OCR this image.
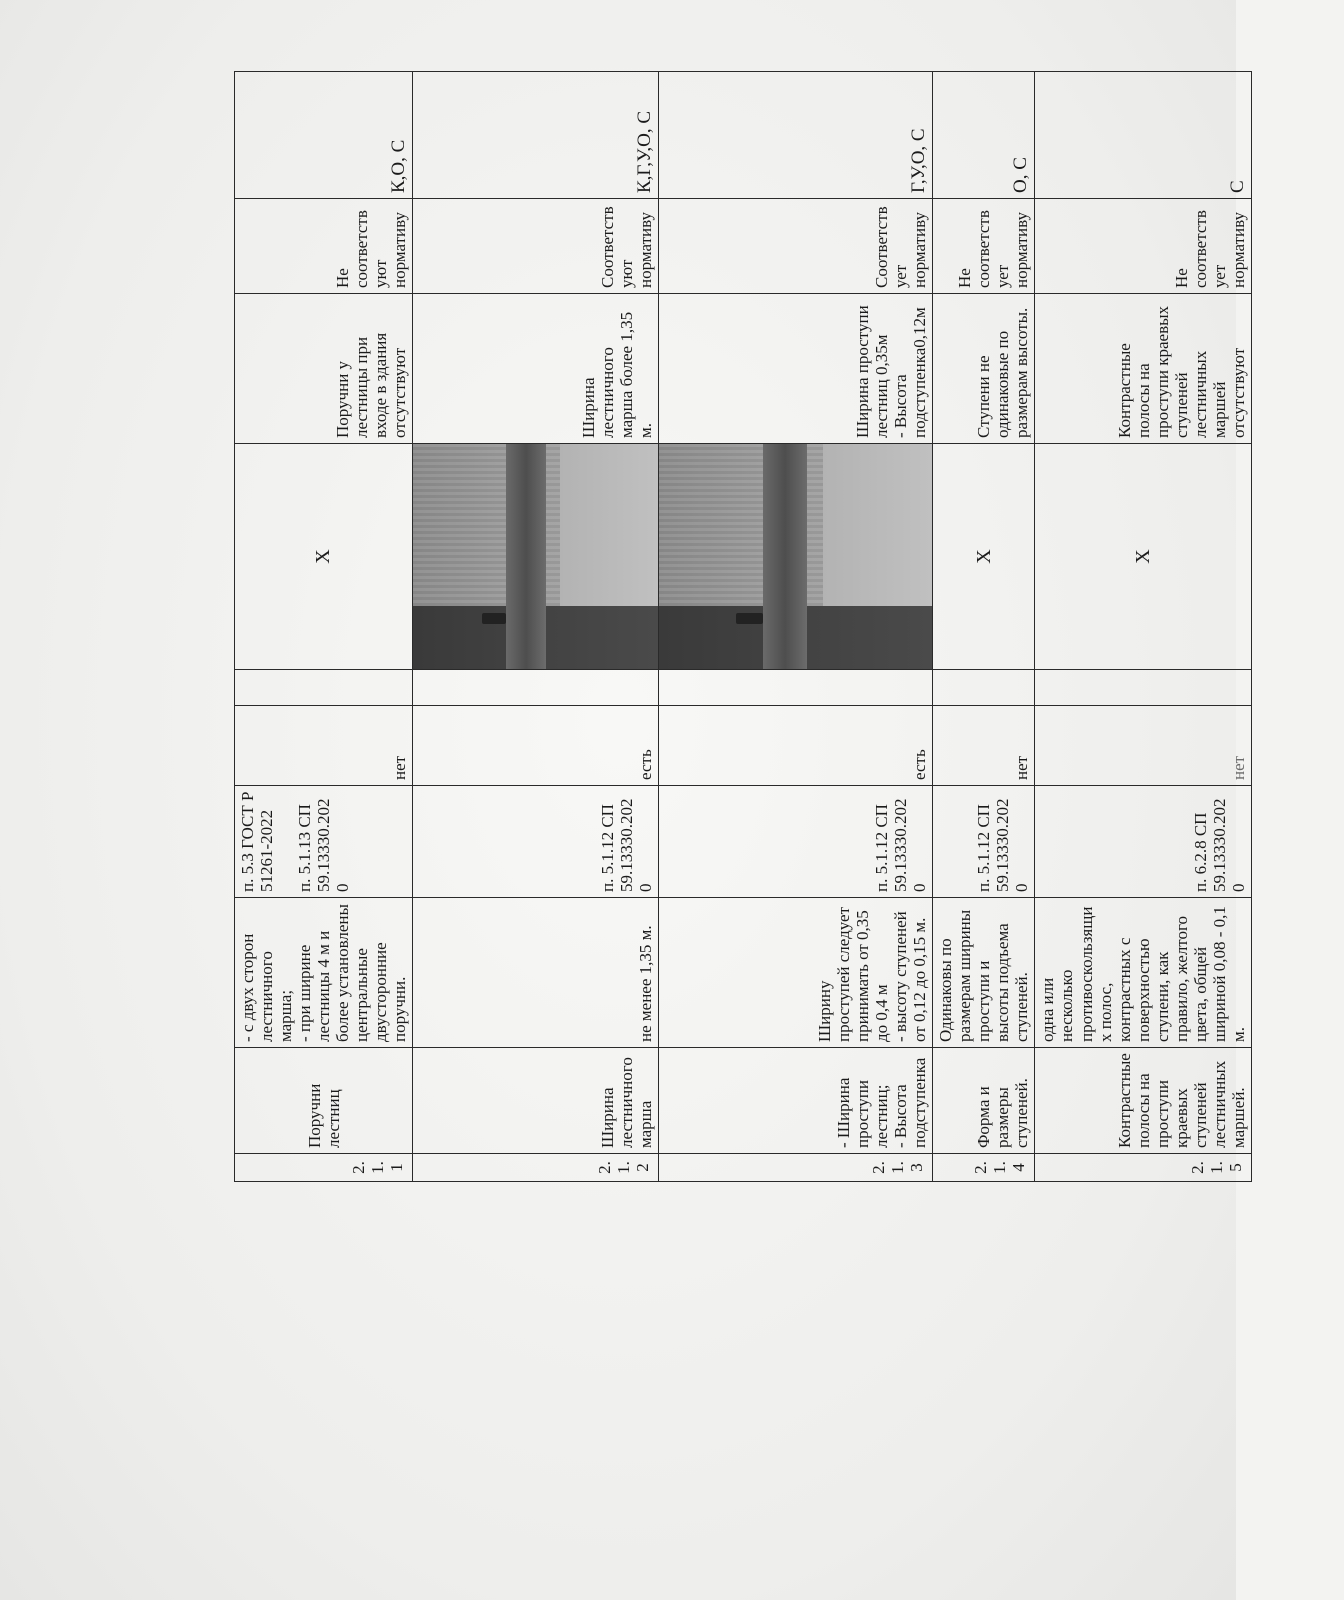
2.1.1	Поручни лестниц	- с двух сторон лестничного марша;
- при ширине лестницы 4 м и более установлены центральные двусторонние поручни.	п. 5.3 ГОСТ Р 51261-2022

п. 5.1.13 СП 59.13330.2020	нет		Х	Поручни у лестницы при входе в здания отсутствуют	Не соответствуют нормативу	К,О, С
2.1.2	Ширина лестничного марша	не менее 1,35 м.	п. 5.1.12 СП 59.13330.2020	есть			Ширина лестничного марша более 1,35 м.	Соответствуют нормативу	К,Г,У,О, С
2.1.3	- Ширина проступи лестниц;
- Высота подступенка	Ширину проступей следует принимать от 0,35 до 0,4 м
- высоту ступеней от 0,12 до 0,15 м.	п. 5.1.12 СП 59.13330.2020	есть			Ширина проступи лестниц 0,35м
- Высота подступенка0,12м	Соответствует нормативу	Г,У,О, С
2.1.4	Форма и размеры ступеней.	Одинаковы по размерам ширины проступи и высоты подъема ступеней.	п. 5.1.12 СП 59.13330.2020	нет		Х	Ступени не одинаковые по размерам высоты.	Не соответствует нормативу	О, С
2.1.5	Контрастные полосы на проступи краевых ступеней лестничных маршей.	одна или несколько противоскользящих полос, контрастных с поверхностью ступени, как правило, желтого цвета, общей шириной 0,08 - 0,1 м.	п. 6.2.8 СП 59.13330.2020	нет		Х	Контрастные полосы на проступи краевых ступеней лестничных маршей отсутствуют	Не соответствует нормативу	С
